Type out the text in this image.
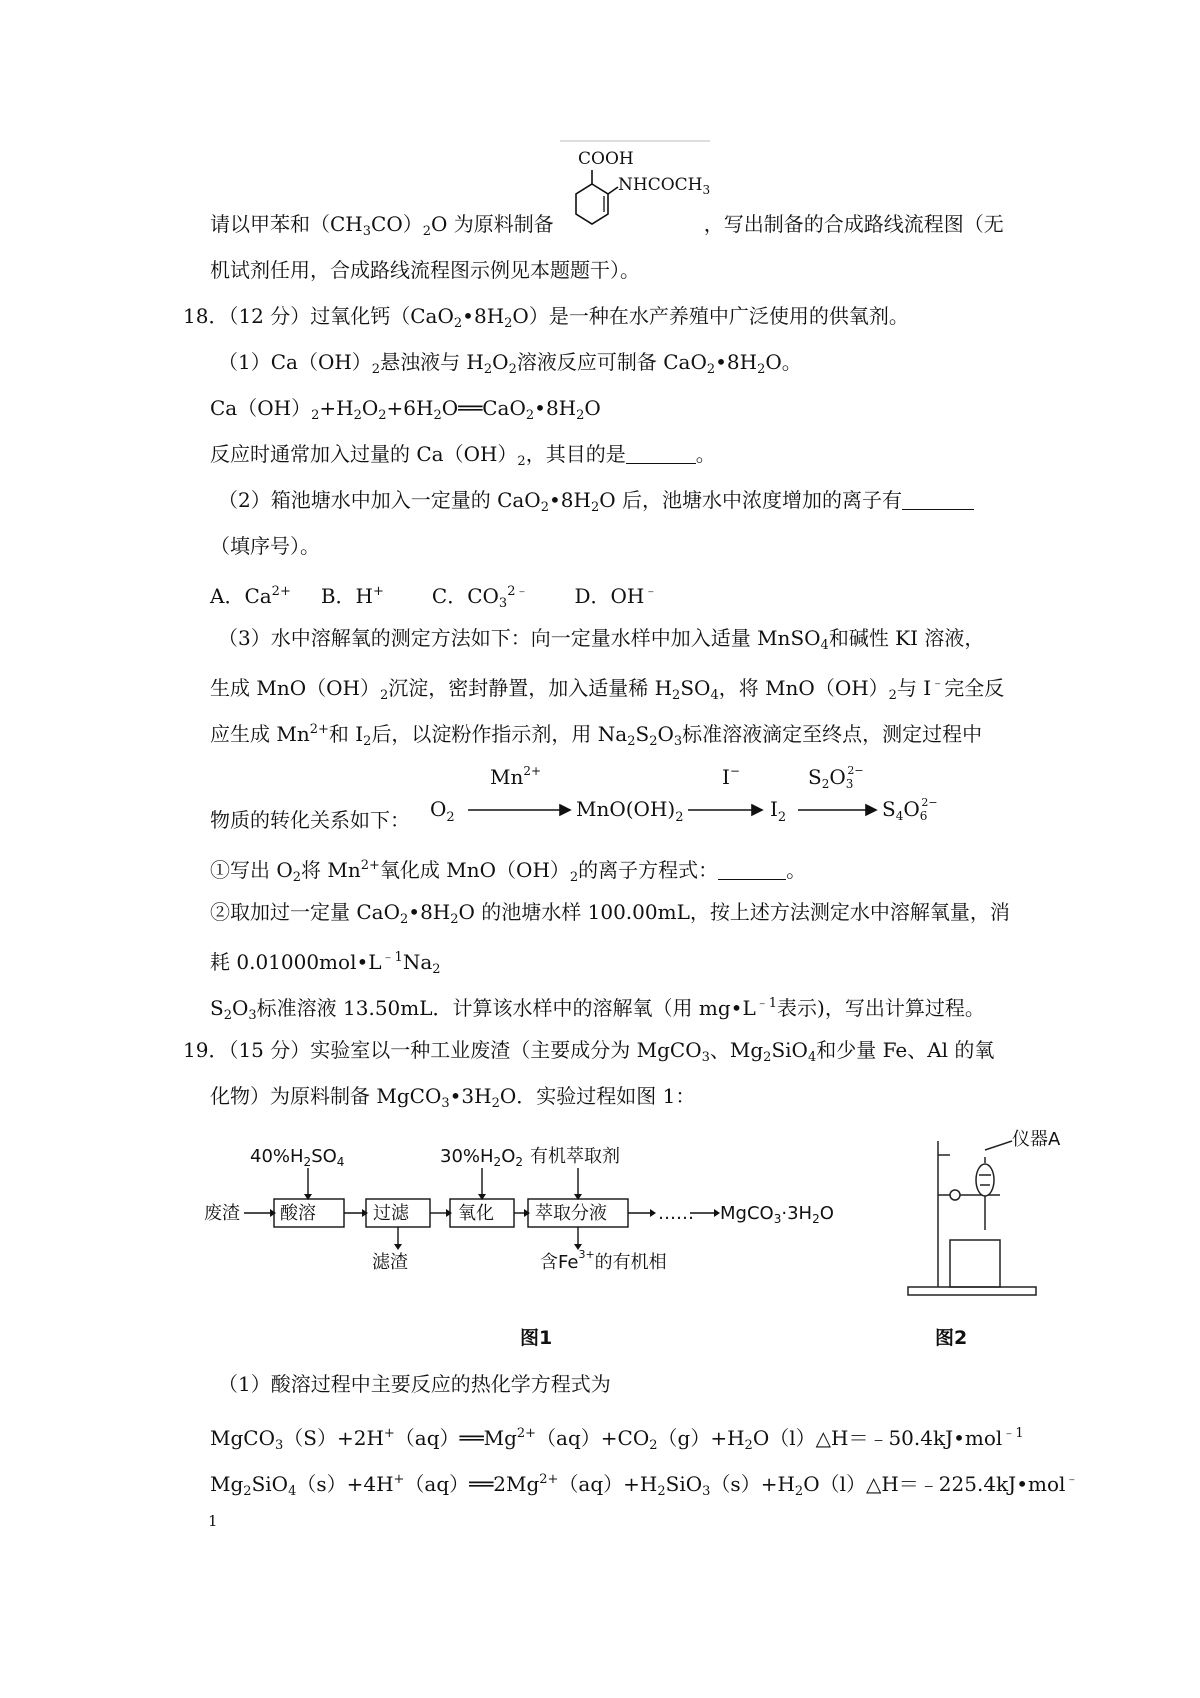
COOH
$NHCOCH_3$
请以甲苯和$(CH_3CO)_2O$ 为原料制备	，写出制备的合成路线流程图（无
机试剂任用，合成路线流程图示例见本题题干）。
18．（12 分）过氧化钙$(CaO_2•8H_2O)$是一种在水产养殖中广泛使用的供氧剂。
$(1)Ca(OH)_2$悬浊液与 $H_2O_2$溶液反应可制备 $CaO_2•8H_2O$。
$Ca(OH)_2+H_2O_2+6H_2O══CaO_2•8H_2O$
反应时通常加入过量的 $Ca(OH)_2$，其目的是	。
（2）箱池塘水中加入一定量的 $CaO_2•8H_2O$ 后，池塘水中浓度增加的离子有
（填序号）。
A．$Ca^{2+}$ B．H+ C．$CO_3^{2﹣}$ D．OH﹣
（3）水中溶解氧的测定方法如下：向一定量水样中加入适量 MnSO$_4$和碱性 KI 溶液，
生成 $MnO(OH)_2$沉淀，密封静置，加入适量稀 $H_2SO_4$，将 $MnO(OH)_2$与 I﹣完全反
应生成 $Mn^{2+}$和 $I_2$后，以淀粉作指示剂，用 $Na_2S_2O_3$标准溶液滴定至终点，测定过程中
$O_2$
$Mn^{2+}$
$MnO(OH)_2$
I−
$I_2$
$S_2O_32-$
$S_4O_62-$
物质的转化关系如下：
①写出 $O_2$将 $Mn^{2+}$氧化成 $MnO(OH)_2$的离子方程式：	。
②取加过一定量 $CaO_2•8H_2O$ 的池塘水样 100.00mL，按上述方法测定水中溶解氧量，消
耗 $0.01000mol•L^{﹣1}Na_2$
$S_2O_3$标准溶液 13.50mL．计算该水样中的溶解氧（用 $mg•L^{﹣1}$表示)，写出计算过程。
19．（15 分）实验室以一种工业废渣（主要成分为 MgCO$_3$、$Mg_2SiO_4$和少量 Fe、Al 的氧
化物）为原料制备 $MgCO_3•3H_2O$．实验过程如图 1：
$40\%H_2SO_4$
废渣 酸溶	过滤
$30\%H_2O_2$
氧化
有机萃取剂
萃取分液	…… $MgCO_3\cdot 3H_2O$
滤渣	含$Fe^{3+}$的有机相
仪器A
图1	图2
（1）酸溶过程中主要反应的热化学方程式为
$MgCO_3(S)+2H^+(aq)══Mg^{2+}(aq)+CO_2(g)+H_2O(l)\triangle H=﹣50.4kJ•mol^{﹣1}$
$Mg_2SiO_4(s)+4H^+(aq)══2Mg^{2+}(aq)+H_2SiO_3(s)+H_2O(l)\triangle H=﹣225.4kJ•mol^﹣$
1
